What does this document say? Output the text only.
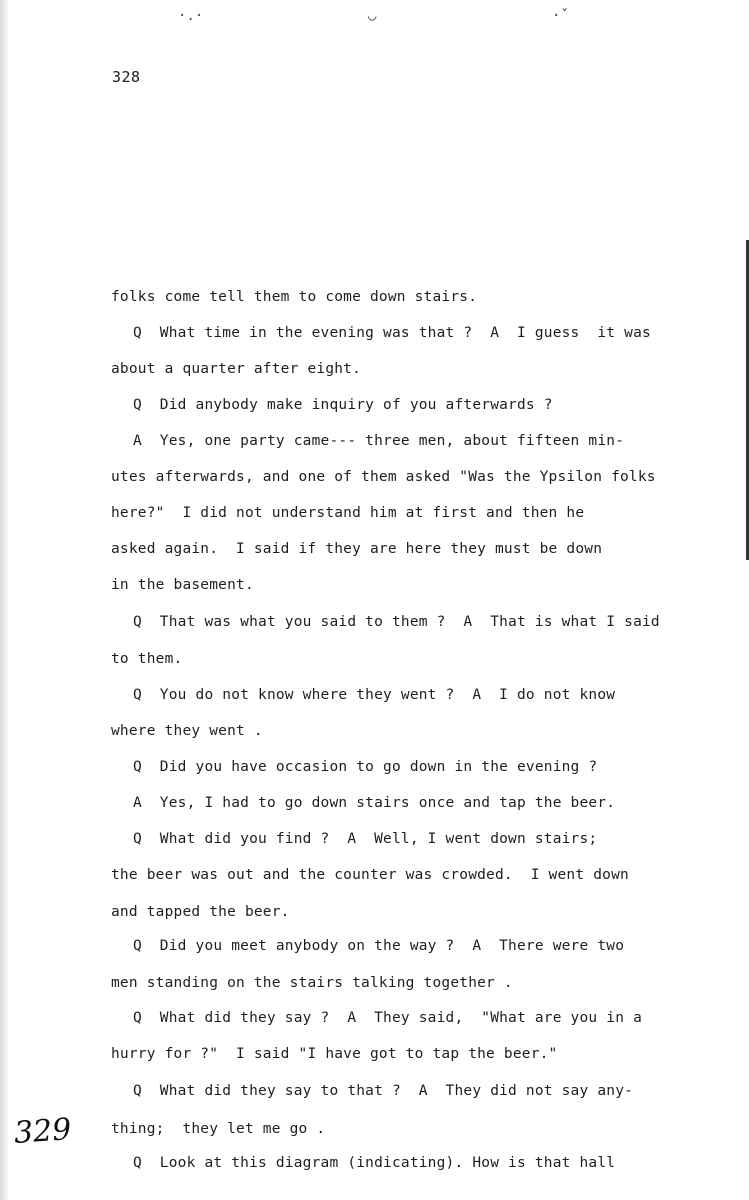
·.·	◡	·ˇ
328
folks come tell them to come down stairs.
Q  What time in the evening was that ?  A  I guess  it was
about a quarter after eight.
Q  Did anybody make inquiry of you afterwards ?
A  Yes, one party came--- three men, about fifteen min-
utes afterwards, and one of them asked "Was the Ypsilon folks
here?"  I did not understand him at first and then he
asked again.  I said if they are here they must be down
in the basement.
Q  That was what you said to them ?  A  That is what I said
to them.
Q  You do not know where they went ?  A  I do not know
where they went .
Q  Did you have occasion to go down in the evening ?
A  Yes, I had to go down stairs once and tap the beer.
Q  What did you find ?  A  Well, I went down stairs;
the beer was out and the counter was crowded.  I went down
and tapped the beer.
Q  Did you meet anybody on the way ?  A  There were two
men standing on the stairs talking together .
Q  What did they say ?  A  They said,  "What are you in a
hurry for ?"  I said "I have got to tap the beer."
Q  What did they say to that ?  A  They did not say any-
thing;  they let me go .
Q  Look at this diagram (indicating). How is that hall
329
